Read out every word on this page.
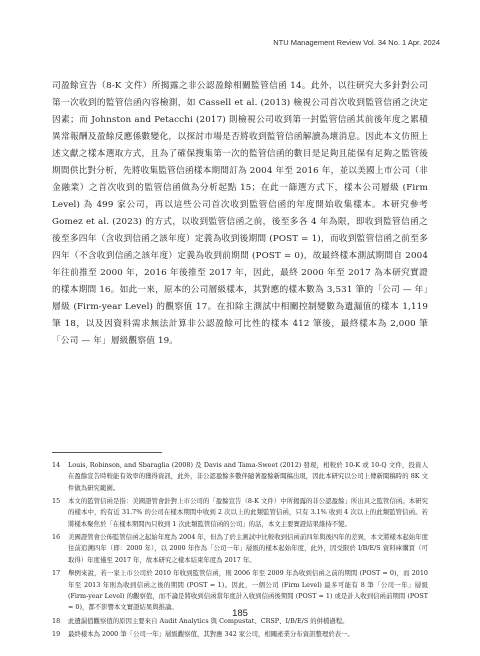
NTU Management Review Vol. 34 No. 1 Apr. 2024
司盈餘宣告（8-K 文件）所揭露之非公認盈餘相關監管信函 14。此外，以往研究大多針對公司第一次收到的監管信函內容檢測，如 Cassell et al. (2013) 檢視公司首次收到監管信函之決定因素；而 Johnston and Petacchi (2017) 則檢視公司收到第一封監管信函其前後年度之累積異常報酬及盈餘反應係數變化，以探討市場是否將收到監管信函解讀為壞消息。因此本文仿照上述文獻之樣本選取方式，且為了確保搜集第一次的監管信函的數目是足夠且能保有足夠之監管後期間供比對分析，先將收集監管信函樣本期間訂為 2004 年至 2016 年，並以美國上市公司（非金融業）之首次收到的監管信函做為分析起點 15；在此一篩選方式下，樣本公司層級 (Firm Level) 為 499 家公司，再以這些公司首次收到監管信函的年度開始收集樣本。本研究參考 Gomez et al. (2023) 的方式，以收到監管信函之前，後至多各 4 年為限，即收到監管信函之後至多四年（含收到信函之該年度）定義為收到後期間 (POST = 1)，而收到監管信函之前至多四年（不含收到信函之該年度）定義為收到前期間 (POST = 0)，故最終樣本測試期間自 2004 年往前推至 2000 年，2016 年後推至 2017 年，因此，最終 2000 年至 2017 為本研究實證的樣本期間 16。如此一來，原本的公司層級樣本，其對應的樣本數為 3,531 筆的「公司 — 年」層級 (Firm-year Level) 的觀察值 17。在扣除主測試中相關控制變數為遺漏值的樣本 1,119 筆 18，以及因資料需求無法計算非公認盈餘可比性的樣本 412 筆後，最終樣本為 2,000 筆「公司 — 年」層級觀察值 19。
14	Louis, Robinson, and Sbaraglia (2008) 及 Davis and Tama-Sweet (2012) 發現，相較於 10-K 或 10-Q 文件，投資人在盈餘宣告時較能有效率的獲得資訊，此外，非公認盈餘多數伴隨著盈餘新聞稿出現，因此本研究以公司上傳新聞稿時的 8K 文件做為研究範圍。
15	本文的監管信函是指：美國證管會針對上市公司的「盈餘宣告（8-K 文件）中所揭露的非公認盈餘」所出具之監管信函。本研究的樣本中，約有近 31.7% 的公司在樣本期間中收到 2 次以上的此類監管信函，只有 3.1% 收到 4 次以上的此類監管信函。若將樣本聚焦於「在樣本期間內只收到 1 次此類監管信函的公司」的話，本文主要實證結果維持不變。
16	美國證管會公佈監管信函之起始年度為 2004 年，但為了於主測試中比較收到信函前四年與後四年的差異，本文將樣本起始年度往前追溯四年（即：2000 年），以 2000 年作為「公司一年」層級的樣本起始年度，此外，因受限於 I/B/E/S 資料庫購買（可取得）年度僅至 2017 年，故本研究之樣本結束年度為 2017 年。
17	舉例來說，若一家上市公司於 2010 年收到監管信函，則 2006 年至 2009 年為收到信函之前的期間 (POST = 0)，而 2010 年至 2013 年則為收到信函之後的期間 (POST = 1)。因此，一個公司 (Firm Level) 最多可能有 8 筆「公司一年」層級 (Firm-year Level) 的觀察值，而不論是將收到信函當年度計入收到信函後期間 (POST = 1) 或是計入收到信函前期間 (POST = 0)，都不影響本文實證結果與推論。
18	此遺漏值觀察值的原因主要來自 Audit Analytics 與 Compustat、CRSP、I/B/E/S 的併檔過程。
19	最終樣本為 2000 筆「公司一年」層級觀察值，其對應 342 家公司，相關產業分布資訊整理於表一。
185
